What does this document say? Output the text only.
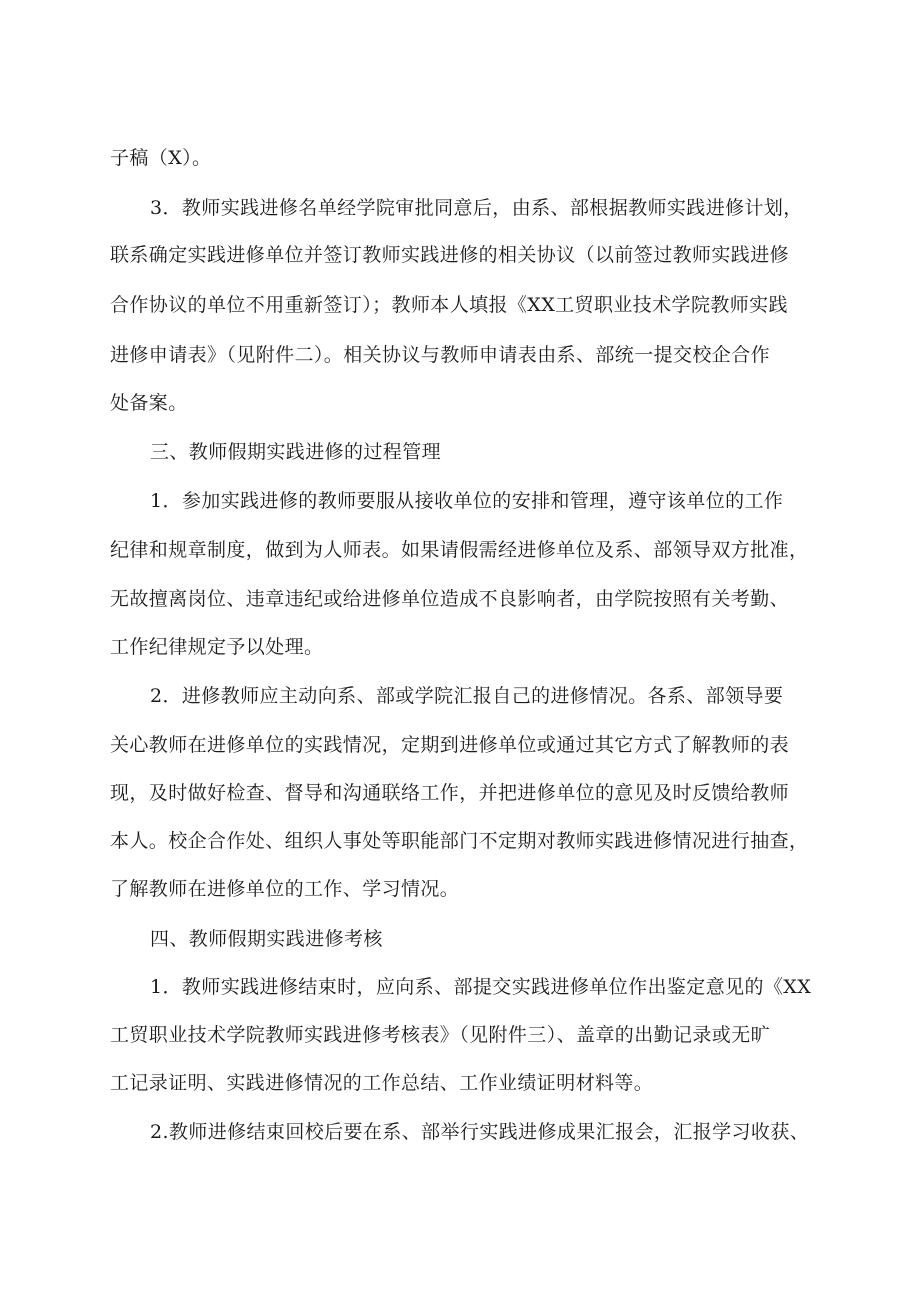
子稿（X）。
3．教师实践进修名单经学院审批同意后，由系、部根据教师实践进修计划，
联系确定实践进修单位并签订教师实践进修的相关协议（以前签过教师实践进修
合作协议的单位不用重新签订）；教师本人填报《XX工贸职业技术学院教师实践
进修申请表》（见附件二）。相关协议与教师申请表由系、部统一提交校企合作
处备案。
三、教师假期实践进修的过程管理
1．参加实践进修的教师要服从接收单位的安排和管理，遵守该单位的工作
纪律和规章制度，做到为人师表。如果请假需经进修单位及系、部领导双方批准，
无故擅离岗位、违章违纪或给进修单位造成不良影响者，由学院按照有关考勤、
工作纪律规定予以处理。
2．进修教师应主动向系、部或学院汇报自己的进修情况。各系、部领导要
关心教师在进修单位的实践情况，定期到进修单位或通过其它方式了解教师的表
现，及时做好检查、督导和沟通联络工作，并把进修单位的意见及时反馈给教师
本人。校企合作处、组织人事处等职能部门不定期对教师实践进修情况进行抽查，
了解教师在进修单位的工作、学习情况。
四、教师假期实践进修考核
1．教师实践进修结束时，应向系、部提交实践进修单位作出鉴定意见的《XX
工贸职业技术学院教师实践进修考核表》（见附件三）、盖章的出勤记录或无旷
工记录证明、实践进修情况的工作总结、工作业绩证明材料等。
2.教师进修结束回校后要在系、部举行实践进修成果汇报会，汇报学习收获、
